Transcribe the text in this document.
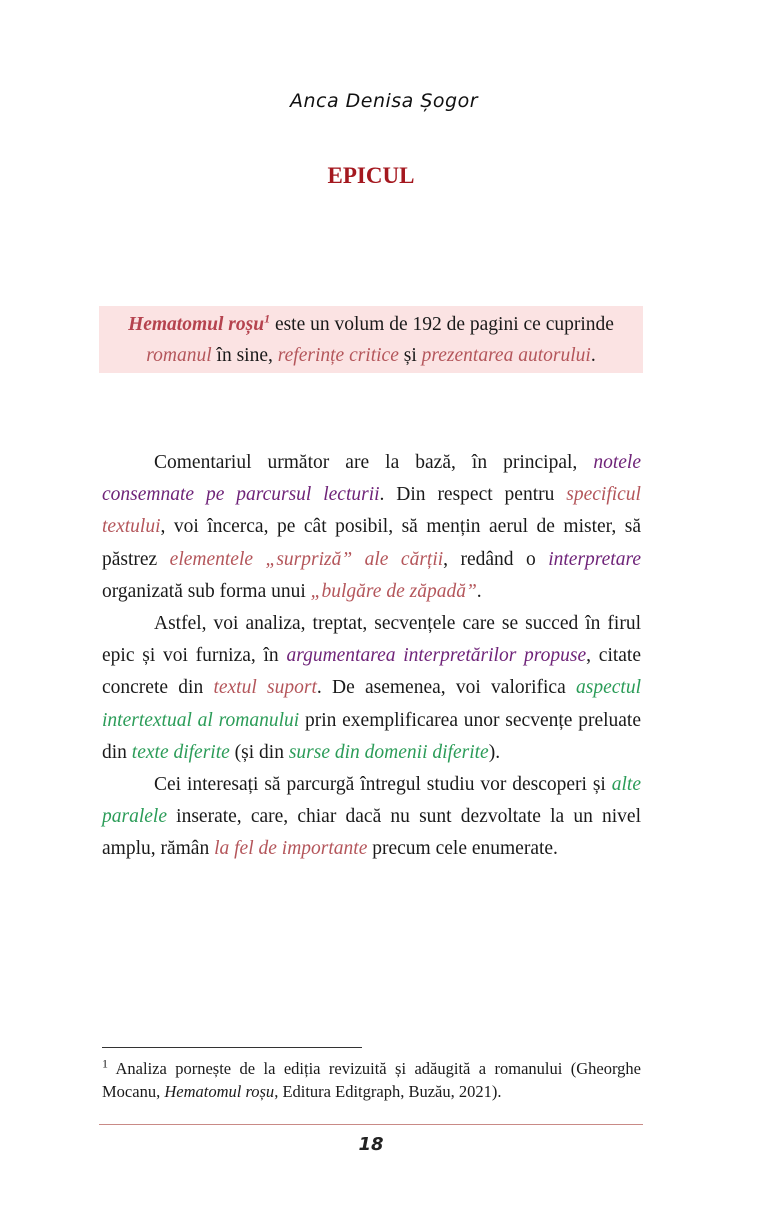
Anca Denisa Șogor
EPICUL
Hematomul roșu$^1$ este un volum de 192 de pagini ce cuprinde romanul în sine, referințe critice și prezentarea autorului.

Comentariul următor are la bază, în principal, notele consemnate pe parcursul lecturii. Din respect pentru specificul textului, voi încerca, pe cât posibil, să mențin aerul de mister, să păstrez elementele „surpriză” ale cărții, redând o interpretare organizată sub forma unui „bulgăre de zăpadă”.

Astfel, voi analiza, treptat, secvențele care se succed în firul epic și voi furniza, în argumentarea interpretărilor propuse, citate concrete din textul suport. De asemenea, voi valorifica aspectul intertextual al romanului prin exemplificarea unor secvențe preluate din texte diferite (și din surse din domenii diferite).

Cei interesați să parcurgă întregul studiu vor descoperi și alte paralele inserate, care, chiar dacă nu sunt dezvoltate la un nivel amplu, rămân la fel de importante precum cele enumerate.

$^1$ Analiza pornește de la ediția revizuită și adăugită a romanului (Gheorghe Mocanu, Hematomul roșu, Editura Editgraph, Buzău, 2021).
18
